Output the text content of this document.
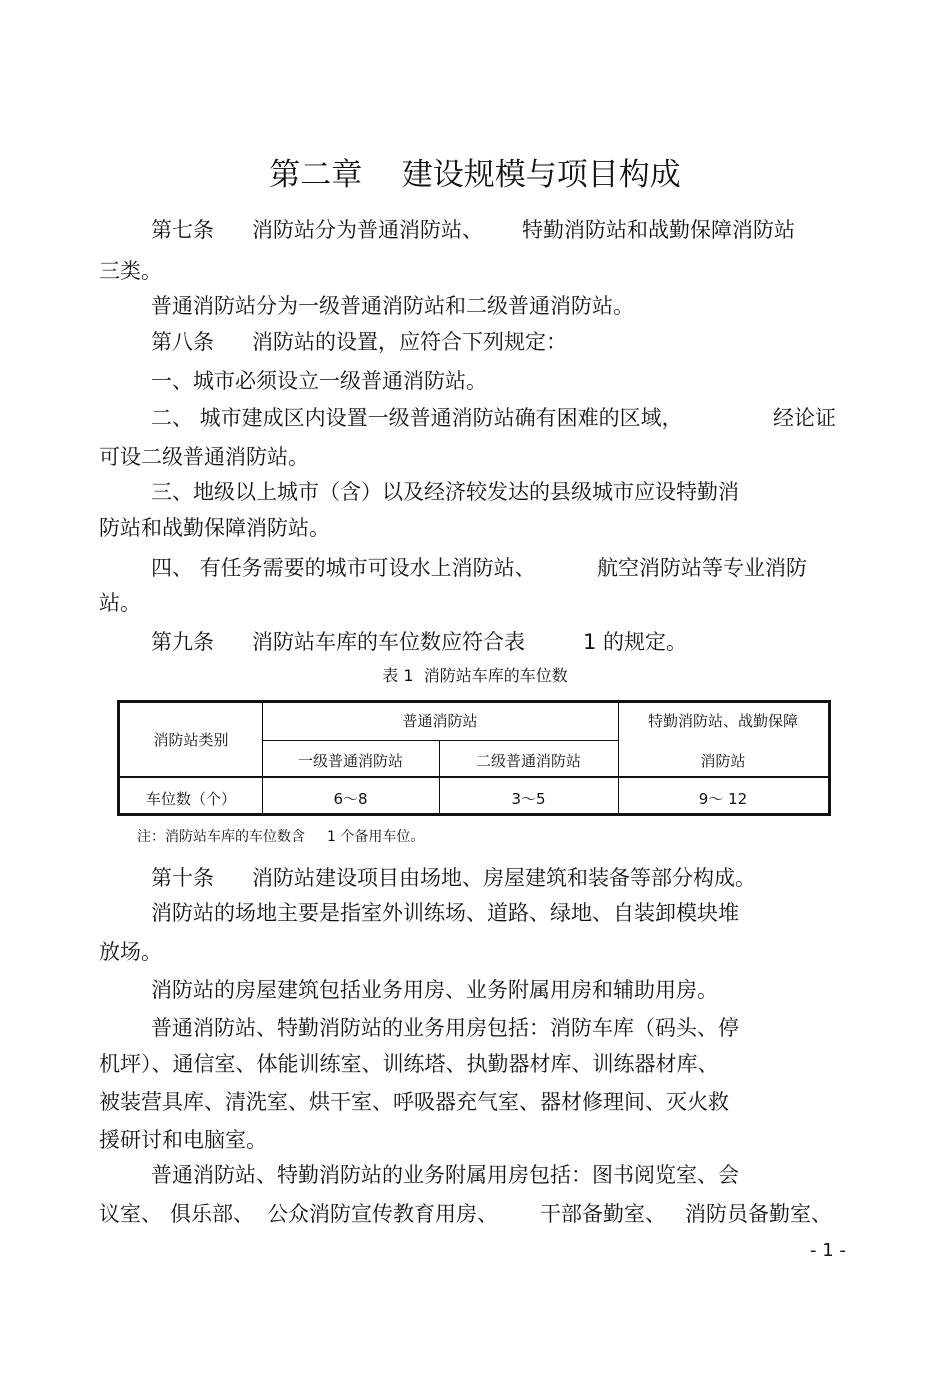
第二章 建设规模与项目构成
第七条 消防站分为普通消防站、 特勤消防站和战勤保障消防站
三类。
普通消防站分为一级普通消防站和二级普通消防站。
第八条 消防站的设置，应符合下列规定：
一、城市必须设立一级普通消防站。
二、 城市建成区内设置一级普通消防站确有困难的区域，	经论证
可设二级普通消防站。
三、地级以上城市（含）以及经济较发达的县级城市应设特勤消
防站和战勤保障消防站。
四、 有任务需要的城市可设水上消防站、	航空消防站等专业消防
站。
第九条 消防站车库的车位数应符合表	1 的规定。
表 1  消防站车库的车位数
消防站类别
普通消防站
一级普通消防站	二级普通消防站
特勤消防站、战勤保障
消防站
车位数（个）	6～8	3～5	9～ 12
注：消防站车库的车位数含 1 个备用车位。
第十条 消防站建设项目由场地、房屋建筑和装备等部分构成。
消防站的场地主要是指室外训练场、道路、绿地、自装卸模块堆
放场。
消防站的房屋建筑包括业务用房、业务附属用房和辅助用房。
普通消防站、特勤消防站的业务用房包括：消防车库（码头、停
机坪）、通信室、体能训练室、训练塔、执勤器材库、训练器材库、
被装营具库、清洗室、烘干室、呼吸器充气室、器材修理间、灭火救
援研讨和电脑室。
普通消防站、特勤消防站的业务附属用房包括：图书阅览室、会
议室、 俱乐部、 公众消防宣传教育用房、 干部备勤室、 消防员备勤室、
- 1 -
